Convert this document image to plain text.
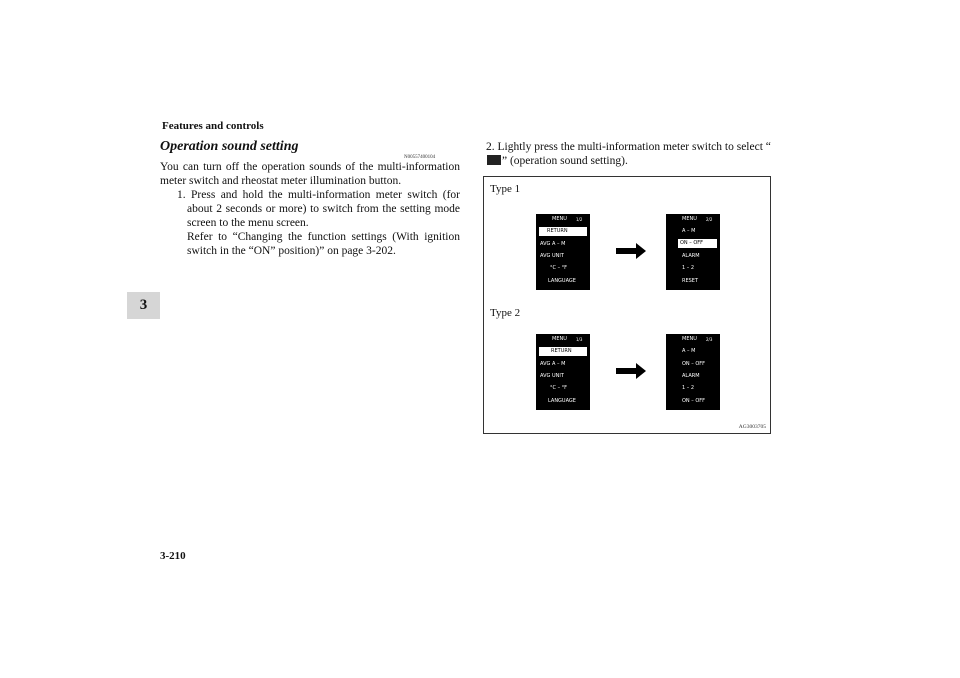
Features and controls
3
Operation sound setting
N00557400104
You can turn off the operation sounds of the multi-information meter switch and rheostat meter illumination button.
1. Press and hold the multi-information meter switch (for about 2 seconds or more) to switch from the setting mode screen to the menu screen.
Refer to “Changing the function settings (With ignition switch in the “ON” position)” on page 3-202.
2. Lightly press the multi-information meter switch to select “” (operation sound setting).
Type 1
Type 2
MENU 1/2
RETURN
AVG A – M
AVG UNIT
°C – °F
LANGUAGE
MENU 2/2
A – M
ON – OFF
ALARM
1 – 2
RESET
MENU 1/3
RETURN
AVG A – M
AVG UNIT
°C – °F
LANGUAGE
MENU 2/3
A – M
ON – OFF
ALARM
1 – 2
ON – OFF
AG3003705
3-210
